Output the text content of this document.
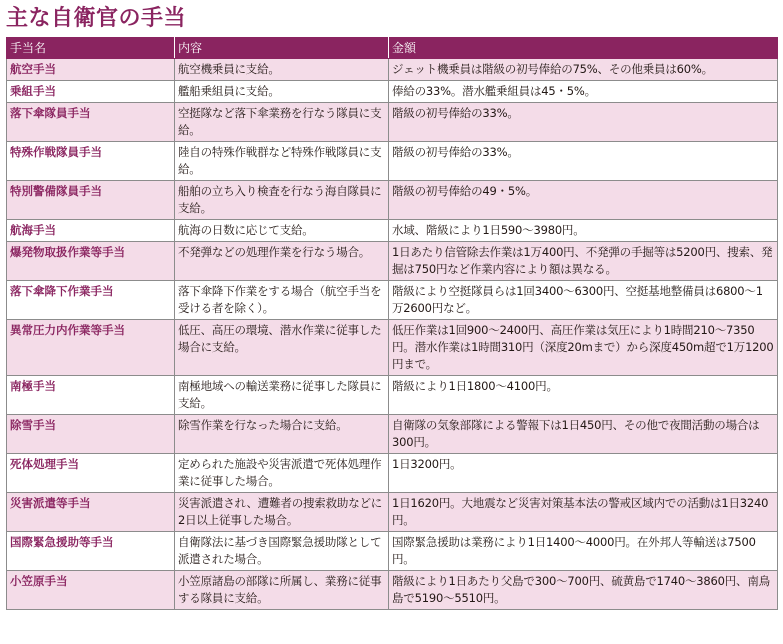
主な自衛官の手当
手当名	内容	金額
航空手当	航空機乗員に支給。	ジェット機乗員は階級の初号俸給の75%、その他乗員は60%。
乗組手当	艦船乗組員に支給。	俸給の33%。潜水艦乗組員は45・5%。
落下傘隊員手当	空挺隊など落下傘業務を行なう隊員に支給。	階級の初号俸給の33%。
特殊作戦隊員手当	陸自の特殊作戦群など特殊作戦隊員に支給。	階級の初号俸給の33%。
特別警備隊員手当	船舶の立ち入り検査を行なう海自隊員に支給。	階級の初号俸給の49・5%。
航海手当	航海の日数に応じて支給。	水域、階級により1日590〜3980円。
爆発物取扱作業等手当	不発弾などの処理作業を行なう場合。	1日あたり信管除去作業は1万400円、不発弾の手掘等は5200円、捜索、発掘は750円など作業内容により額は異なる。
落下傘降下作業手当	落下傘降下作業をする場合（航空手当を受ける者を除く）。	階級により空挺隊員らは1回3400〜6300円、空挺基地整備員は6800〜1万2600円など。
異常圧力内作業等手当	低圧、高圧の環境、潜水作業に従事した場合に支給。	低圧作業は1回900〜2400円、高圧作業は気圧により1時間210〜7350円。潜水作業は1時間310円（深度20mまで）から深度450m超で1万1200円まで。
南極手当	南極地域への輸送業務に従事した隊員に支給。	階級により1日1800〜4100円。
除雪手当	除雪作業を行なった場合に支給。	自衛隊の気象部隊による警報下は1日450円、その他で夜間活動の場合は300円。
死体処理手当	定められた施設や災害派遣で死体処理作業に従事した場合。	1日3200円。
災害派遣等手当	災害派遣され、遭難者の捜索救助などに2日以上従事した場合。	1日1620円。大地震など災害対策基本法の警戒区域内での活動は1日3240円。
国際緊急援助等手当	自衛隊法に基づき国際緊急援助隊として派遣された場合。	国際緊急援助は業務により1日1400〜4000円。在外邦人等輸送は7500円。
小笠原手当	小笠原諸島の部隊に所属し、業務に従事する隊員に支給。	階級により1日あたり父島で300〜700円、硫黄島で1740〜3860円、南鳥島で5190〜5510円。
